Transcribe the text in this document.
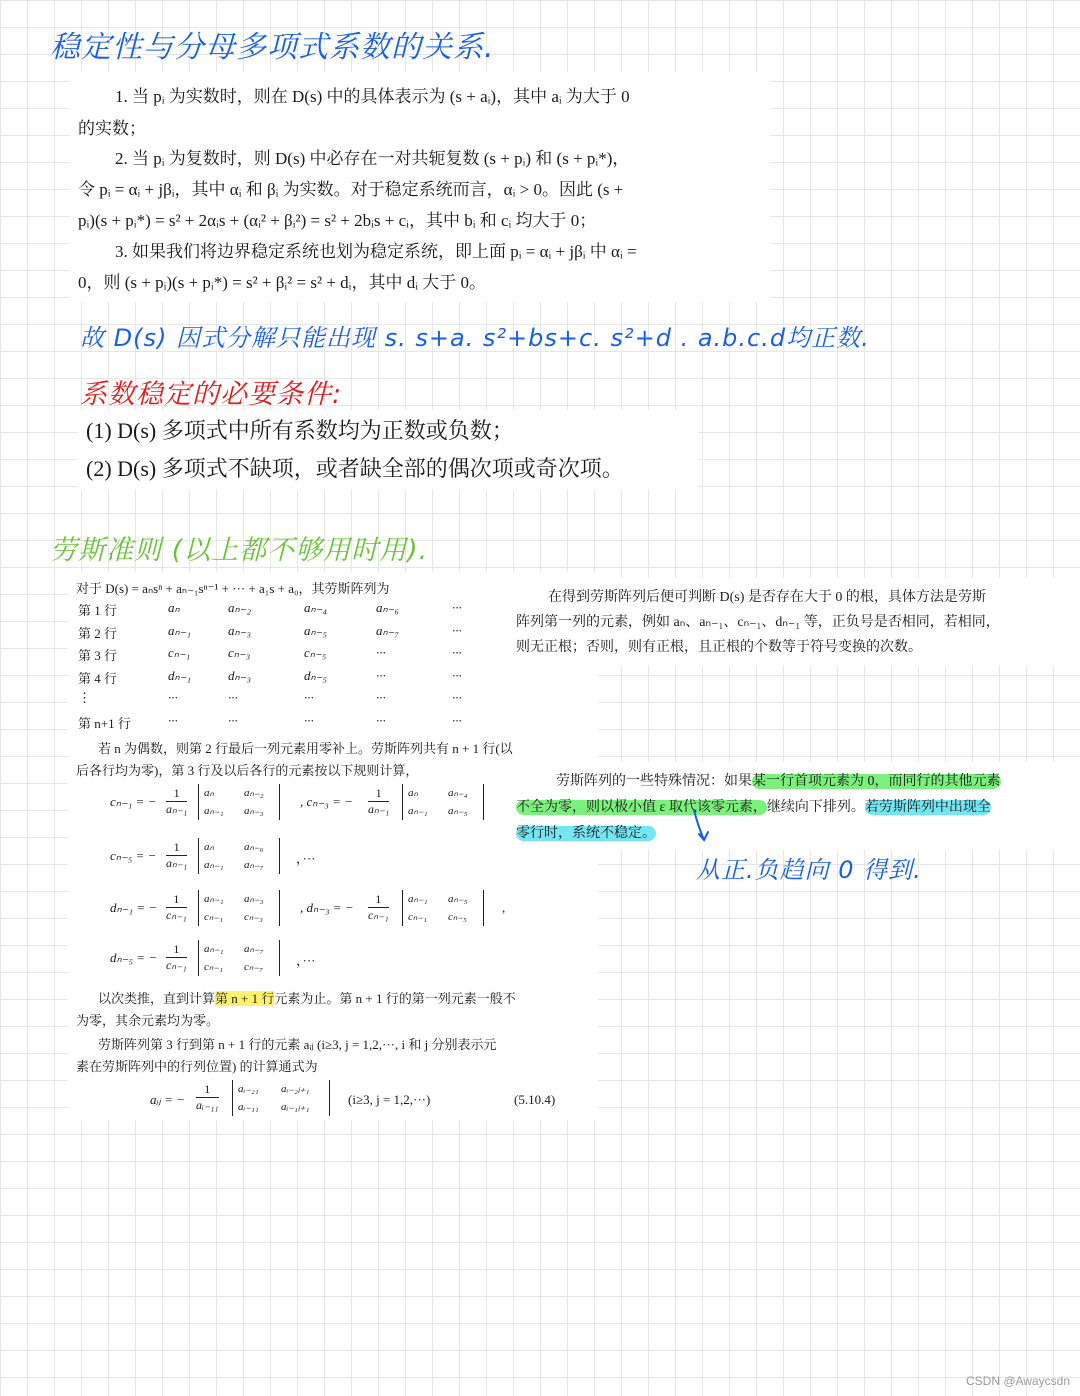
稳定性与分母多项式系数的关系.
1. 当 pᵢ 为实数时，则在 D(s) 中的具体表示为 (s + aᵢ)，其中 aᵢ 为大于 0
的实数；
2. 当 pᵢ 为复数时，则 D(s) 中必存在一对共轭复数 (s + pᵢ) 和 (s + pᵢ*)，
令 pᵢ = αᵢ + jβᵢ，其中 αᵢ 和 βᵢ 为实数。对于稳定系统而言，αᵢ > 0。因此 (s +
pᵢ)(s + pᵢ*) = s² + 2αᵢs + (αᵢ² + βᵢ²) = s² + 2bᵢs + cᵢ，其中 bᵢ 和 cᵢ 均大于 0；
3. 如果我们将边界稳定系统也划为稳定系统，即上面 pᵢ = αᵢ + jβᵢ 中 αᵢ =
0，则 (s + pᵢ)(s + pᵢ*) = s² + βᵢ² = s² + dᵢ，其中 dᵢ 大于 0。
故 D(s) 因式分解只能出现 s. s+a. s²+bs+c. s²+d . a.b.c.d均正数.
系数稳定的必要条件:
(1) D(s) 多项式中所有系数均为正数或负数；
(2) D(s) 多项式不缺项，或者缺全部的偶次项或奇次项。
劳斯准则 (以上都不够用时用).
对于 D(s) = aₙsⁿ + aₙ₋₁sⁿ⁻¹ + ··· + a₁s + a₀，其劳斯阵列为
第 1 行	aₙ	aₙ₋₂	aₙ₋₄	aₙ₋₆	···
第 2 行	aₙ₋₁	aₙ₋₃	aₙ₋₅	aₙ₋₇	···
第 3 行	cₙ₋₁	cₙ₋₃	cₙ₋₅	···	···
第 4 行	dₙ₋₁	dₙ₋₃	dₙ₋₅	···	···
⋮	···	···	···	···	···
第 n+1 行	···	···	···	···	···
若 n 为偶数，则第 2 行最后一列元素用零补上。劳斯阵列共有 n + 1 行(以
后各行均为零)，第 3 行及以后各行的元素按以下规则计算，
cₙ₋₁ = − $\frac{1}{\text{aₙ₋₁}}$ aₙ	aₙ₋₂
aₙ₋₁ aₙ₋₃
, cₙ₋₃ = − $\frac{1}{\text{aₙ₋₁}}$ aₙ	aₙ₋₄
aₙ₋₁ aₙ₋₅
cₙ₋₅ = − $\frac{1}{\text{aₙ₋₁}}$ aₙ	aₙ₋₆
aₙ₋₁ aₙ₋₇ ，···
dₙ₋₁ = − $\frac{1}{\text{cₙ₋₁}} a_{n-1}$ aₙ₋₃
cₙ₋₁ cₙ₋₃
, dₙ₋₃ = − $\frac{1}{\text{cₙ₋₁}} a_{n-1}$ aₙ₋₅
cₙ₋₁ cₙ₋₅
,
dₙ₋₅ = − $\frac{1}{\text{cₙ₋₁}} a_{n-1}$ aₙ₋₇
cₙ₋₁ cₙ₋₇	，···
以次类推，直到计算第 n + 1 行元素为止。第 n + 1 行的第一列元素一般不
为零，其余元素均为零。
劳斯阵列第 3 行到第 n + 1 行的元素 aᵢⱼ (i≥3, j = 1,2,···, i 和 j 分别表示元
素在劳斯阵列中的行列位置) 的计算通式为
aᵢⱼ = − $\frac{1}{\text{aᵢ₋₁₁}}$ aᵢ₋₂₁ aᵢ₋₂ⱼ₊₁
aᵢ₋₁₁ aᵢ₋₁ⱼ₊₁	(i≥3, j = 1,2,···)	(5.10.4)
在得到劳斯阵列后便可判断 D(s) 是否存在大于 0 的根，具体方法是劳斯
阵列第一列的元素，例如 aₙ、aₙ₋₁、cₙ₋₁、dₙ₋₁ 等，正负号是否相同，若相同，
则无正根；否则，则有正根，且正根的个数等于符号变换的次数。
劳斯阵列的一些特殊情况：如果某一行首项元素为 0，而同行的其他元素
不全为零，则以极小值 ε 取代该零元素，继续向下排列。若劳斯阵列中出现全
零行时，系统不稳定。
从正.负趋向 0 得到.
CSDN @Awaycsdn
